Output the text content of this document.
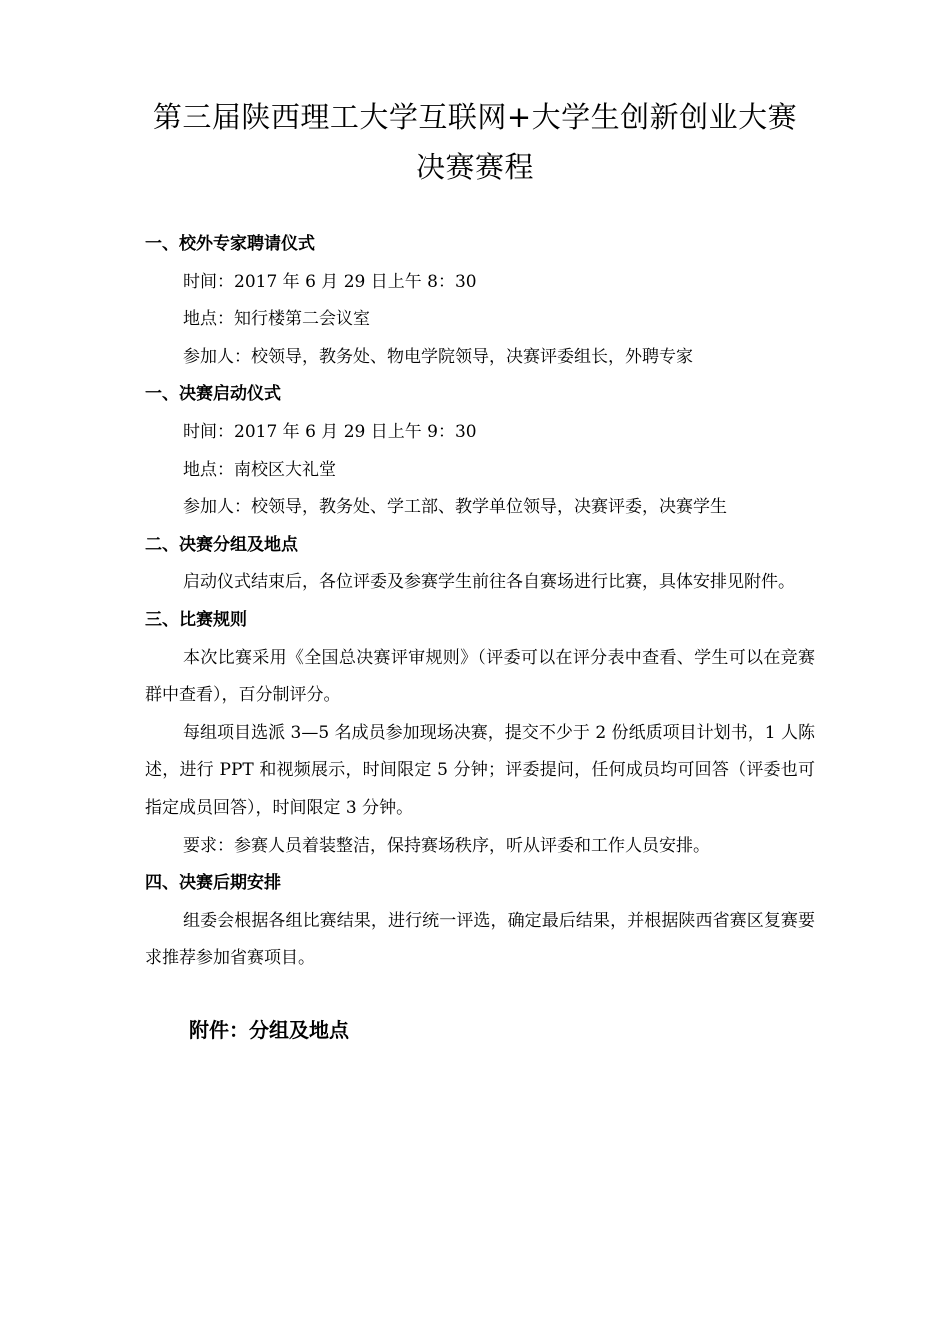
第三届陕西理工大学互联网+大学生创新创业大赛
决赛赛程
一、校外专家聘请仪式
时间：2017 年 6 月 29 日上午 8：30
地点：知行楼第二会议室
参加人：校领导，教务处、物电学院领导，决赛评委组长，外聘专家
一、决赛启动仪式
时间：2017 年 6 月 29 日上午 9：30
地点：南校区大礼堂
参加人：校领导，教务处、学工部、教学单位领导，决赛评委，决赛学生
二、决赛分组及地点
启动仪式结束后，各位评委及参赛学生前往各自赛场进行比赛，具体安排见附件。
三、比赛规则
本次比赛采用《全国总决赛评审规则》（评委可以在评分表中查看、学生可以在竞赛群中查看），百分制评分。
每组项目选派 3—5 名成员参加现场决赛，提交不少于 2 份纸质项目计划书，1 人陈述，进行 PPT 和视频展示，时间限定 5 分钟；评委提问，任何成员均可回答（评委也可指定成员回答），时间限定 3 分钟。
要求：参赛人员着装整洁，保持赛场秩序，听从评委和工作人员安排。
四、决赛后期安排
组委会根据各组比赛结果，进行统一评选，确定最后结果，并根据陕西省赛区复赛要求推荐参加省赛项目。
附件：分组及地点
